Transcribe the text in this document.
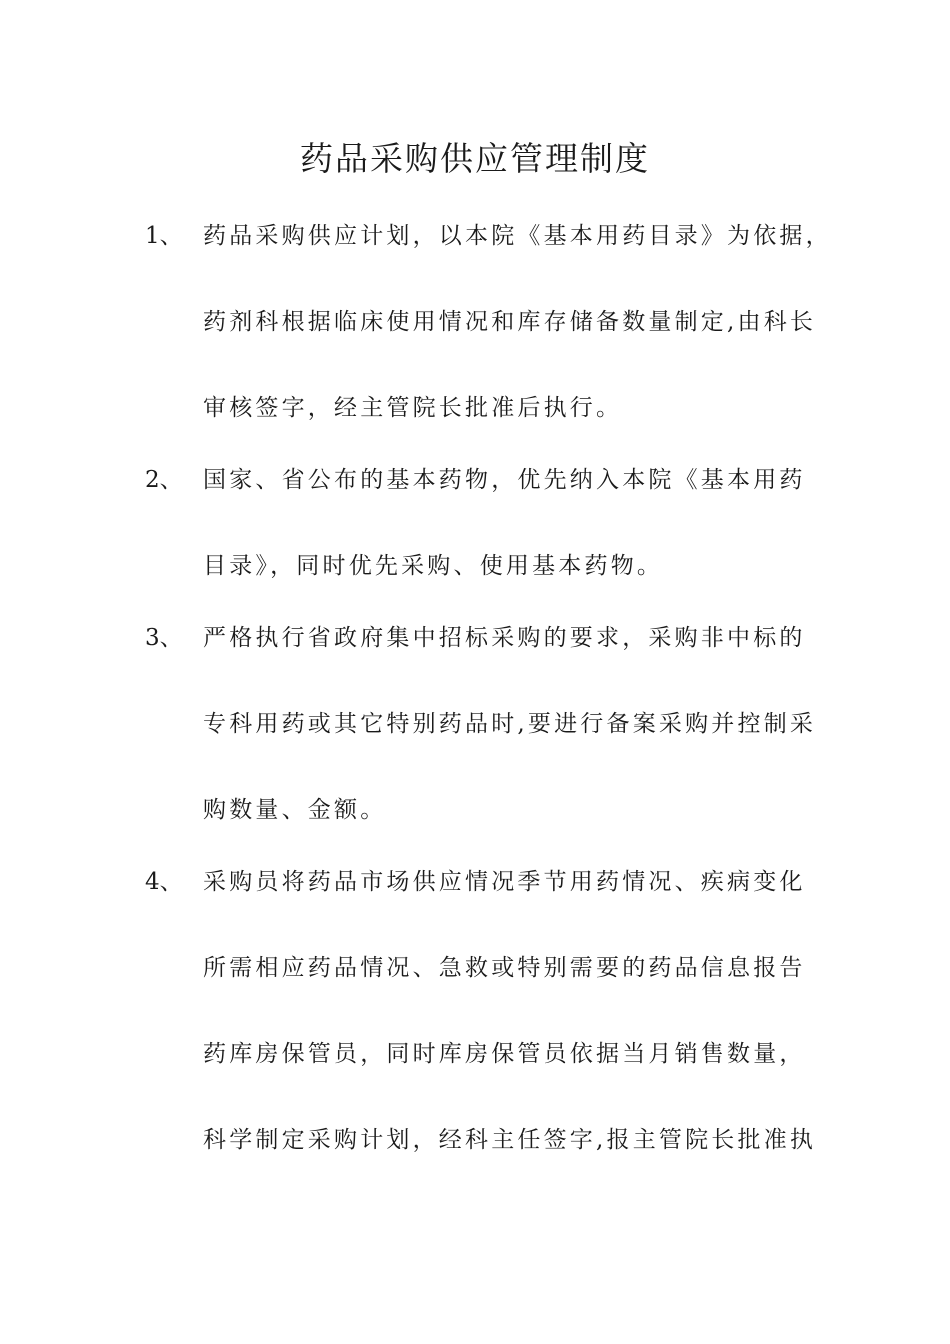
药品采购供应管理制度
1、 药品采购供应计划，以本院《基本用药目录》为依据，
药剂科根据临床使用情况和库存储备数量制定,由科长
审核签字，经主管院长批准后执行。
2、 国家、省公布的基本药物，优先纳入本院《基本用药
目录》，同时优先采购、使用基本药物。
3、 严格执行省政府集中招标采购的要求，采购非中标的
专科用药或其它特别药品时,要进行备案采购并控制采
购数量、金额。
4、 采购员将药品市场供应情况季节用药情况、疾病变化
所需相应药品情况、急救或特别需要的药品信息报告
药库房保管员，同时库房保管员依据当月销售数量，
科学制定采购计划，经科主任签字,报主管院长批准执
